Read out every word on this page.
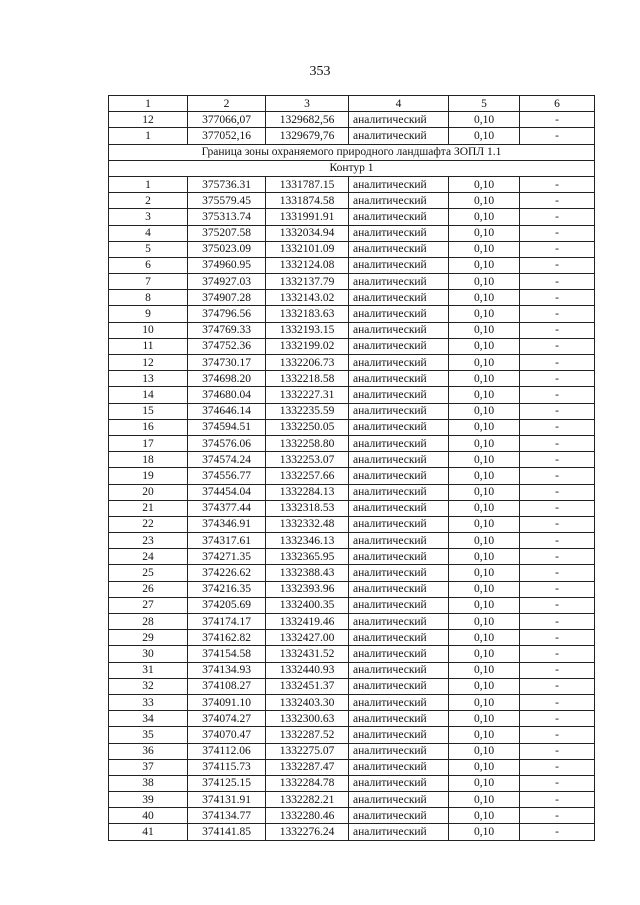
353
1	2	3	4	5	6
12	377066,07	1329682,56	аналитический	0,10	-
1	377052,16	1329679,76	аналитический	0,10	-
Граница зоны охраняемого природного ландшафта ЗОПЛ 1.1					
Контур 1					
1	375736.31	1331787.15	аналитический	0,10	-
2	375579.45	1331874.58	аналитический	0,10	-
3	375313.74	1331991.91	аналитический	0,10	-
4	375207.58	1332034.94	аналитический	0,10	-
5	375023.09	1332101.09	аналитический	0,10	-
6	374960.95	1332124.08	аналитический	0,10	-
7	374927.03	1332137.79	аналитический	0,10	-
8	374907.28	1332143.02	аналитический	0,10	-
9	374796.56	1332183.63	аналитический	0,10	-
10	374769.33	1332193.15	аналитический	0,10	-
11	374752.36	1332199.02	аналитический	0,10	-
12	374730.17	1332206.73	аналитический	0,10	-
13	374698.20	1332218.58	аналитический	0,10	-
14	374680.04	1332227.31	аналитический	0,10	-
15	374646.14	1332235.59	аналитический	0,10	-
16	374594.51	1332250.05	аналитический	0,10	-
17	374576.06	1332258.80	аналитический	0,10	-
18	374574.24	1332253.07	аналитический	0,10	-
19	374556.77	1332257.66	аналитический	0,10	-
20	374454.04	1332284.13	аналитический	0,10	-
21	374377.44	1332318.53	аналитический	0,10	-
22	374346.91	1332332.48	аналитический	0,10	-
23	374317.61	1332346.13	аналитический	0,10	-
24	374271.35	1332365.95	аналитический	0,10	-
25	374226.62	1332388.43	аналитический	0,10	-
26	374216.35	1332393.96	аналитический	0,10	-
27	374205.69	1332400.35	аналитический	0,10	-
28	374174.17	1332419.46	аналитический	0,10	-
29	374162.82	1332427.00	аналитический	0,10	-
30	374154.58	1332431.52	аналитический	0,10	-
31	374134.93	1332440.93	аналитический	0,10	-
32	374108.27	1332451.37	аналитический	0,10	-
33	374091.10	1332403.30	аналитический	0,10	-
34	374074.27	1332300.63	аналитический	0,10	-
35	374070.47	1332287.52	аналитический	0,10	-
36	374112.06	1332275.07	аналитический	0,10	-
37	374115.73	1332287.47	аналитический	0,10	-
38	374125.15	1332284.78	аналитический	0,10	-
39	374131.91	1332282.21	аналитический	0,10	-
40	374134.77	1332280.46	аналитический	0,10	-
41	374141.85	1332276.24	аналитический	0,10	-
